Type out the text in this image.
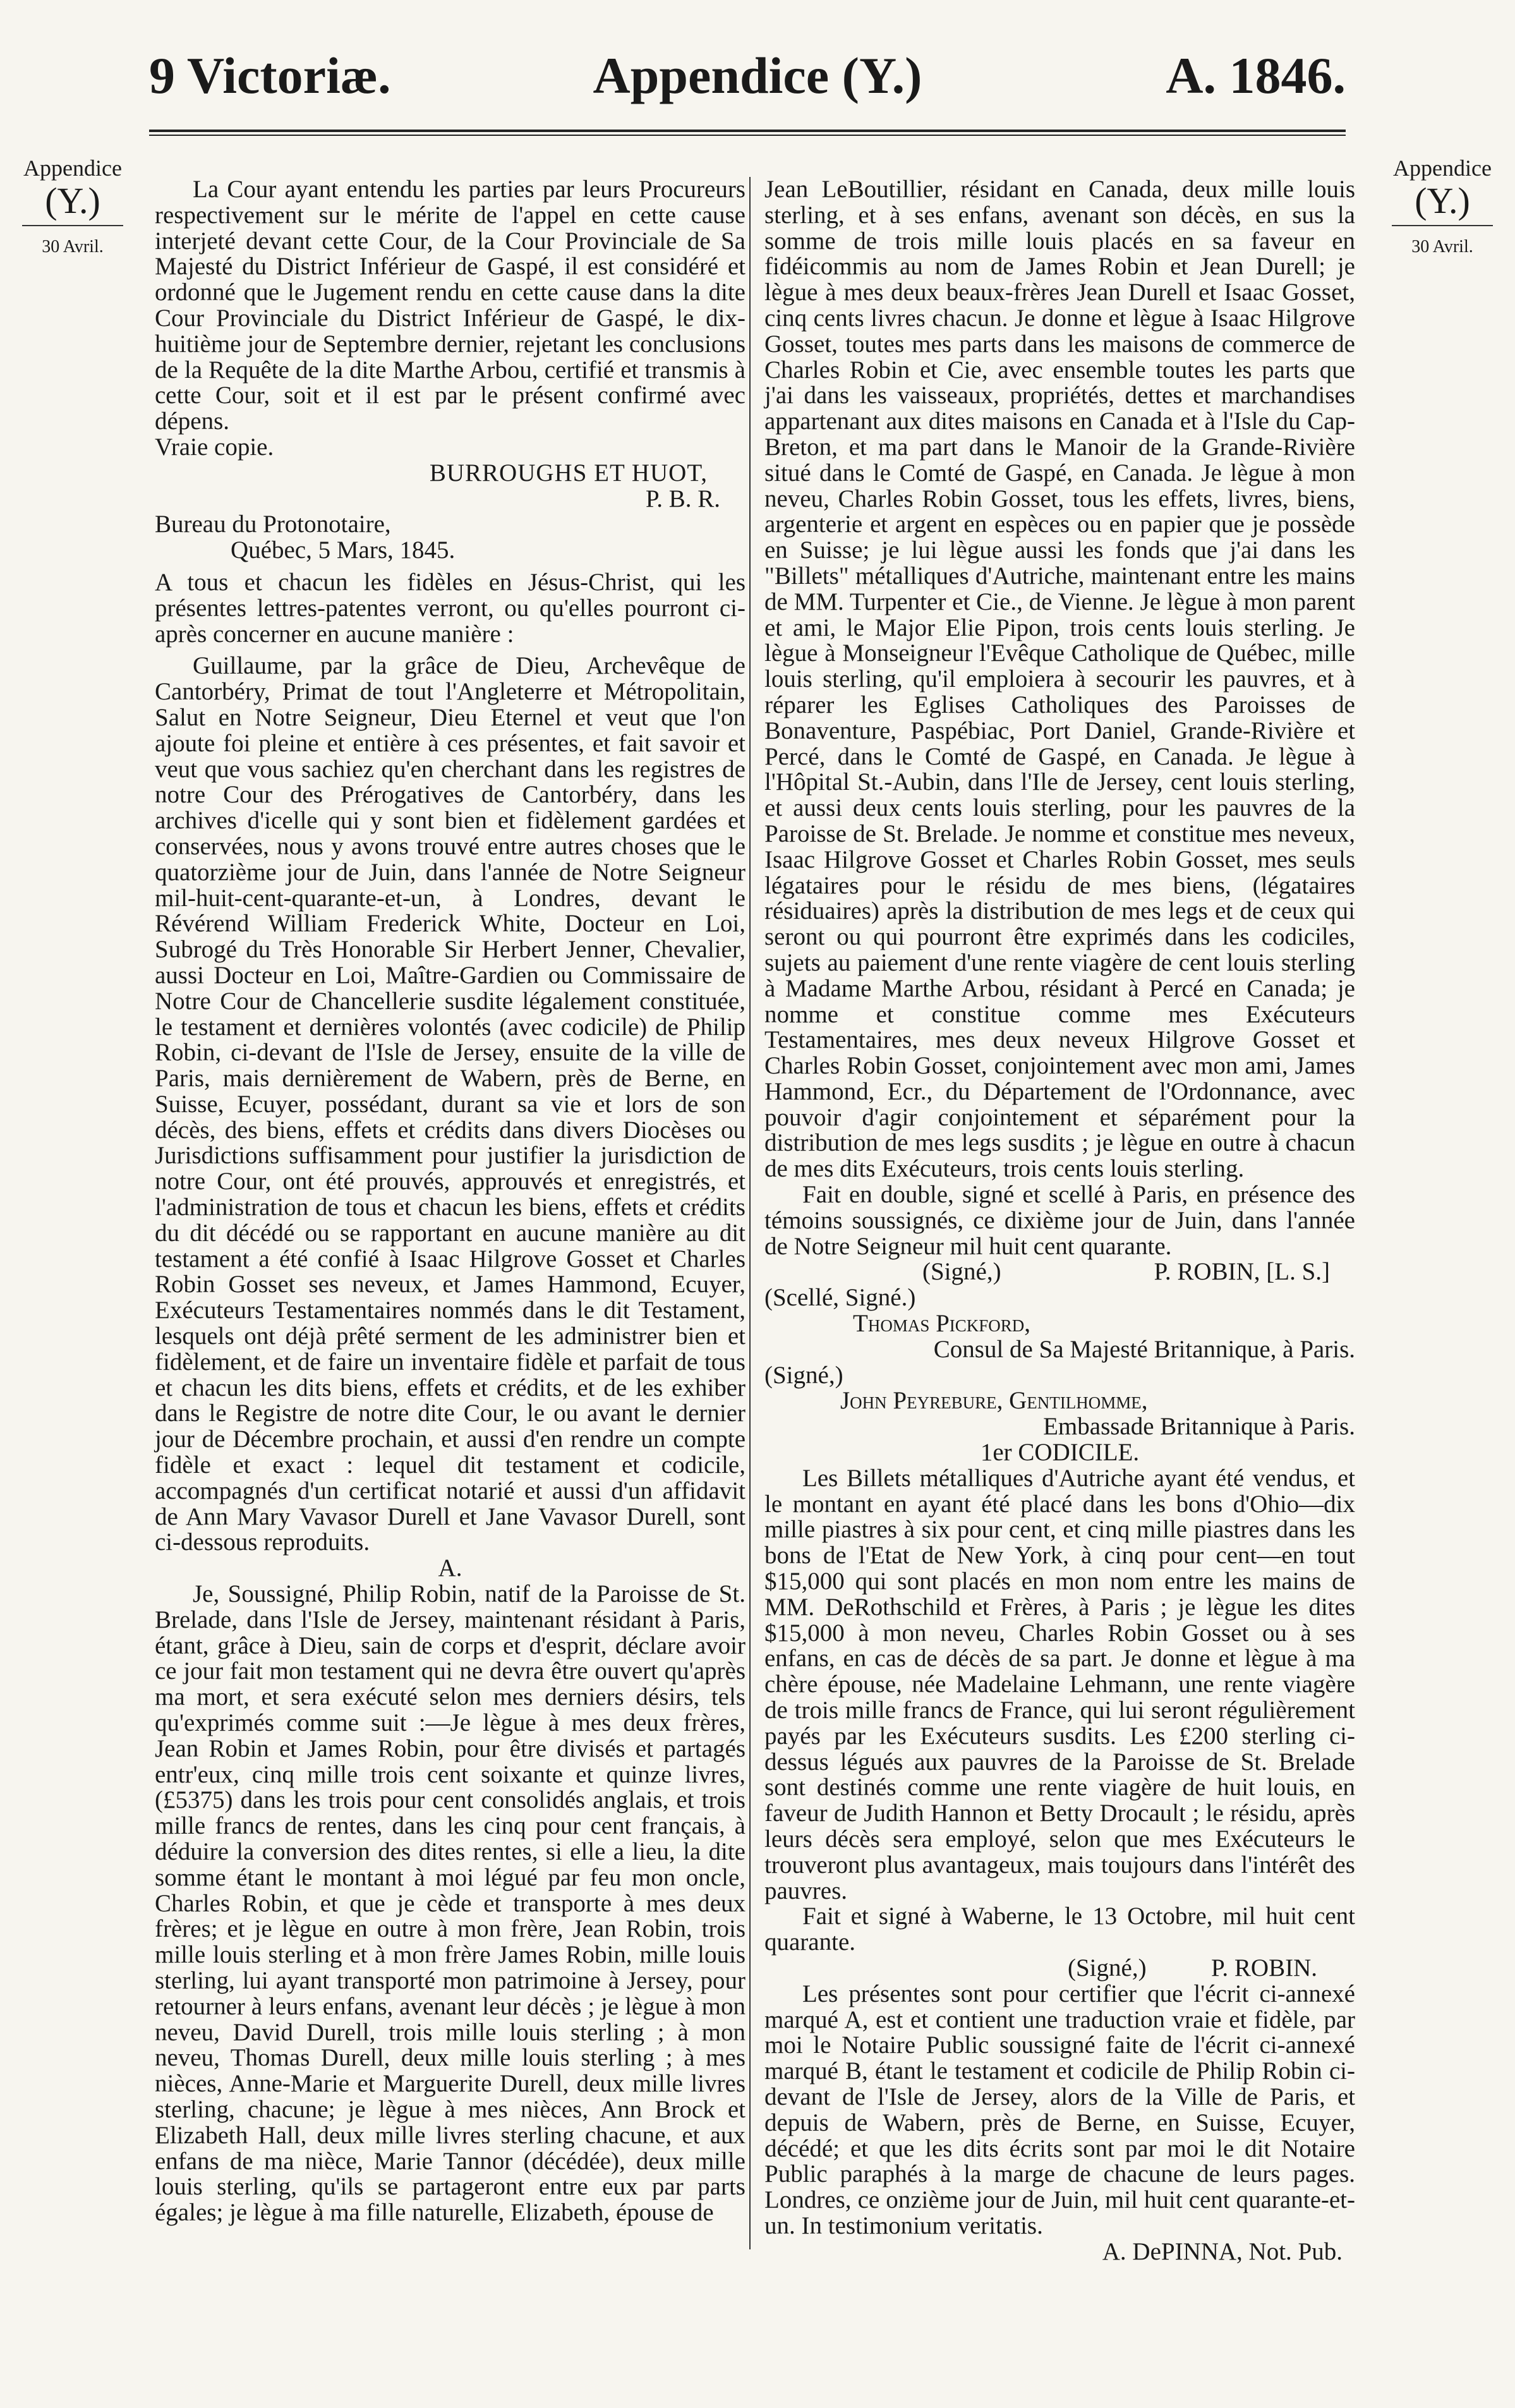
9 Victoriæ.	Appendice (Y.)	A. 1846.
Appendice
(Y.)
30 Avril.
Appendice
(Y.)
30 Avril.

La Cour ayant entendu les parties par leurs Procureurs respectivement sur le mérite de l'appel en cette cause interjeté devant cette Cour, de la Cour Provinciale de Sa Majesté du District Inférieur de Gaspé, il est considéré et ordonné que le Jugement rendu en cette cause dans la dite Cour Provinciale du District Inférieur de Gaspé, le dix-huitième jour de Septembre dernier, rejetant les conclusions de la Requête de la dite Marthe Arbou, certifié et transmis à cette Cour, soit et il est par le présent confirmé avec dépens.

Vraie copie.

BURROUGHS ET HUOT,

P. B. R.

Bureau du Protonotaire,

Québec, 5 Mars, 1845.

A tous et chacun les fidèles en Jésus-Christ, qui les présentes lettres-patentes verront, ou qu'elles pourront ci-après concerner en aucune manière :

Guillaume, par la grâce de Dieu, Archevêque de Cantorbéry, Primat de tout l'Angleterre et Métropolitain, Salut en Notre Seigneur, Dieu Eternel et veut que l'on ajoute foi pleine et entière à ces présentes, et fait savoir et veut que vous sachiez qu'en cherchant dans les registres de notre Cour des Prérogatives de Cantorbéry, dans les archives d'icelle qui y sont bien et fidèlement gardées et conservées, nous y avons trouvé entre autres choses que le quatorzième jour de Juin, dans l'année de Notre Seigneur mil-huit-cent-quarante-et-un, à Londres, devant le Révérend William Frederick White, Docteur en Loi, Subrogé du Très Honorable Sir Herbert Jenner, Chevalier, aussi Docteur en Loi, Maître-Gardien ou Commissaire de Notre Cour de Chancellerie susdite légalement constituée, le testament et dernières volontés (avec codicile) de Philip Robin, ci-devant de l'Isle de Jersey, ensuite de la ville de Paris, mais dernièrement de Wabern, près de Berne, en Suisse, Ecuyer, possédant, durant sa vie et lors de son décès, des biens, effets et crédits dans divers Diocèses ou Jurisdictions suffisamment pour justifier la jurisdiction de notre Cour, ont été prouvés, approuvés et enregistrés, et l'administration de tous et chacun les biens, effets et crédits du dit décédé ou se rapportant en aucune manière au dit testament a été confié à Isaac Hilgrove Gosset et Charles Robin Gosset ses neveux, et James Hammond, Ecuyer, Exécuteurs Testamentaires nommés dans le dit Testament, lesquels ont déjà prêté serment de les administrer bien et fidèlement, et de faire un inventaire fidèle et parfait de tous et chacun les dits biens, effets et crédits, et de les exhiber dans le Registre de notre dite Cour, le ou avant le dernier jour de Décembre prochain, et aussi d'en rendre un compte fidèle et exact : lequel dit testament et codicile, accompagnés d'un certificat notarié et aussi d'un affidavit de Ann Mary Vavasor Durell et Jane Vavasor Durell, sont ci-dessous reproduits.

A.

Je, Soussigné, Philip Robin, natif de la Paroisse de St. Brelade, dans l'Isle de Jersey, maintenant résidant à Paris, étant, grâce à Dieu, sain de corps et d'esprit, déclare avoir ce jour fait mon testament qui ne devra être ouvert qu'après ma mort, et sera exécuté selon mes derniers désirs, tels qu'exprimés comme suit :—Je lègue à mes deux frères, Jean Robin et James Robin, pour être divisés et partagés entr'eux, cinq mille trois cent soixante et quinze livres, (£5375) dans les trois pour cent consolidés anglais, et trois mille francs de rentes, dans les cinq pour cent français, à déduire la conversion des dites rentes, si elle a lieu, la dite somme étant le montant à moi légué par feu mon oncle, Charles Robin, et que je cède et transporte à mes deux frères; et je lègue en outre à mon frère, Jean Robin, trois mille louis sterling et à mon frère James Robin, mille louis sterling, lui ayant transporté mon patrimoine à Jersey, pour retourner à leurs enfans, avenant leur décès ; je lègue à mon neveu, David Durell, trois mille louis sterling ; à mon neveu, Thomas Durell, deux mille louis sterling ; à mes nièces, Anne-Marie et Marguerite Durell, deux mille livres sterling, chacune; je lègue à mes nièces, Ann Brock et Elizabeth Hall, deux mille livres sterling chacune, et aux enfans de ma nièce, Marie Tannor (décédée), deux mille louis sterling, qu'ils se partageront entre eux par parts égales; je lègue à ma fille naturelle, Elizabeth, épouse de

Jean LeBoutillier, résidant en Canada, deux mille louis sterling, et à ses enfans, avenant son décès, en sus la somme de trois mille louis placés en sa faveur en fidéicommis au nom de James Robin et Jean Durell; je lègue à mes deux beaux-frères Jean Durell et Isaac Gosset, cinq cents livres chacun. Je donne et lègue à Isaac Hilgrove Gosset, toutes mes parts dans les maisons de commerce de Charles Robin et Cie, avec ensemble toutes les parts que j'ai dans les vaisseaux, propriétés, dettes et marchandises appartenant aux dites maisons en Canada et à l'Isle du Cap-Breton, et ma part dans le Manoir de la Grande-Rivière situé dans le Comté de Gaspé, en Canada. Je lègue à mon neveu, Charles Robin Gosset, tous les effets, livres, biens, argenterie et argent en espèces ou en papier que je possède en Suisse; je lui lègue aussi les fonds que j'ai dans les "Billets" métalliques d'Autriche, maintenant entre les mains de MM. Turpenter et Cie., de Vienne. Je lègue à mon parent et ami, le Major Elie Pipon, trois cents louis sterling. Je lègue à Monseigneur l'Evêque Catholique de Québec, mille louis sterling, qu'il emploiera à secourir les pauvres, et à réparer les Eglises Catholiques des Paroisses de Bonaventure, Paspébiac, Port Daniel, Grande-Rivière et Percé, dans le Comté de Gaspé, en Canada. Je lègue à l'Hôpital St.-Aubin, dans l'Ile de Jersey, cent louis sterling, et aussi deux cents louis sterling, pour les pauvres de la Paroisse de St. Brelade. Je nomme et constitue mes neveux, Isaac Hilgrove Gosset et Charles Robin Gosset, mes seuls légataires pour le résidu de mes biens, (légataires résiduaires) après la distribution de mes legs et de ceux qui seront ou qui pourront être exprimés dans les codiciles, sujets au paiement d'une rente viagère de cent louis sterling à Madame Marthe Arbou, résidant à Percé en Canada; je nomme et constitue comme mes Exécuteurs Testamentaires, mes deux neveux Hilgrove Gosset et Charles Robin Gosset, conjointement avec mon ami, James Hammond, Ecr., du Département de l'Ordonnance, avec pouvoir d'agir conjointement et séparément pour la distribution de mes legs susdits ; je lègue en outre à chacun de mes dits Exécuteurs, trois cents louis sterling.

Fait en double, signé et scellé à Paris, en présence des témoins soussignés, ce dixième jour de Juin, dans l'année de Notre Seigneur mil huit cent quarante.

(Signé,)	P. ROBIN, [L. S.]

(Scellé, Signé.)

Thomas Pickford,

Consul de Sa Majesté Britannique, à Paris.

(Signé,)

John Peyrebure, Gentilhomme,

Embassade Britannique à Paris.

1er CODICILE.

Les Billets métalliques d'Autriche ayant été vendus, et le montant en ayant été placé dans les bons d'Ohio—dix mille piastres à six pour cent, et cinq mille piastres dans les bons de l'Etat de New York, à cinq pour cent—en tout $15,000 qui sont placés en mon nom entre les mains de MM. DeRothschild et Frères, à Paris ; je lègue les dites $15,000 à mon neveu, Charles Robin Gosset ou à ses enfans, en cas de décès de sa part. Je donne et lègue à ma chère épouse, née Madelaine Lehmann, une rente viagère de trois mille francs de France, qui lui seront régulièrement payés par les Exécuteurs susdits. Les £200 sterling ci-dessus légués aux pauvres de la Paroisse de St. Brelade sont destinés comme une rente viagère de huit louis, en faveur de Judith Hannon et Betty Drocault ; le résidu, après leurs décès sera employé, selon que mes Exécuteurs le trouveront plus avantageux, mais toujours dans l'intérêt des pauvres.

Fait et signé à Waberne, le 13 Octobre, mil huit cent quarante.

(Signé,)	P. ROBIN.

Les présentes sont pour certifier que l'écrit ci-annexé marqué A, est et contient une traduction vraie et fidèle, par moi le Notaire Public soussigné faite de l'écrit ci-annexé marqué B, étant le testament et codicile de Philip Robin ci-devant de l'Isle de Jersey, alors de la Ville de Paris, et depuis de Wabern, près de Berne, en Suisse, Ecuyer, décédé; et que les dits écrits sont par moi le dit Notaire Public paraphés à la marge de chacune de leurs pages. Londres, ce onzième jour de Juin, mil huit cent quarante-et-un. In testimonium veritatis.

A. DePINNA, Not. Pub.
